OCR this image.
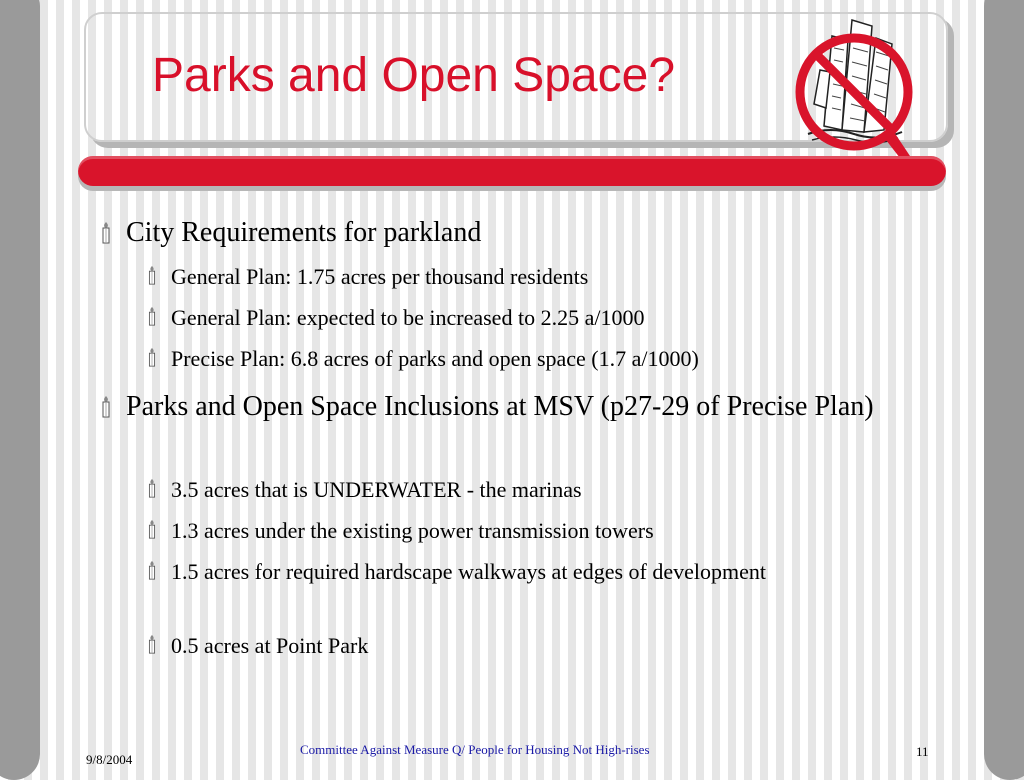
Parks and Open Space?
City Requirements for parkland
General Plan: 1.75 acres per thousand residents
General Plan: expected to be increased to 2.25 a/1000
Precise Plan: 6.8 acres of parks and open space (1.7 a/1000)
Parks and Open Space Inclusions at MSV (p27-29 of Precise Plan)
3.5 acres that is UNDERWATER - the marinas
1.3 acres under the existing power transmission towers
1.5 acres for required hardscape walkways at edges of development
0.5 acres at Point Park
9/8/2004
Committee Against Measure Q/ People for Housing Not High-rises	11
